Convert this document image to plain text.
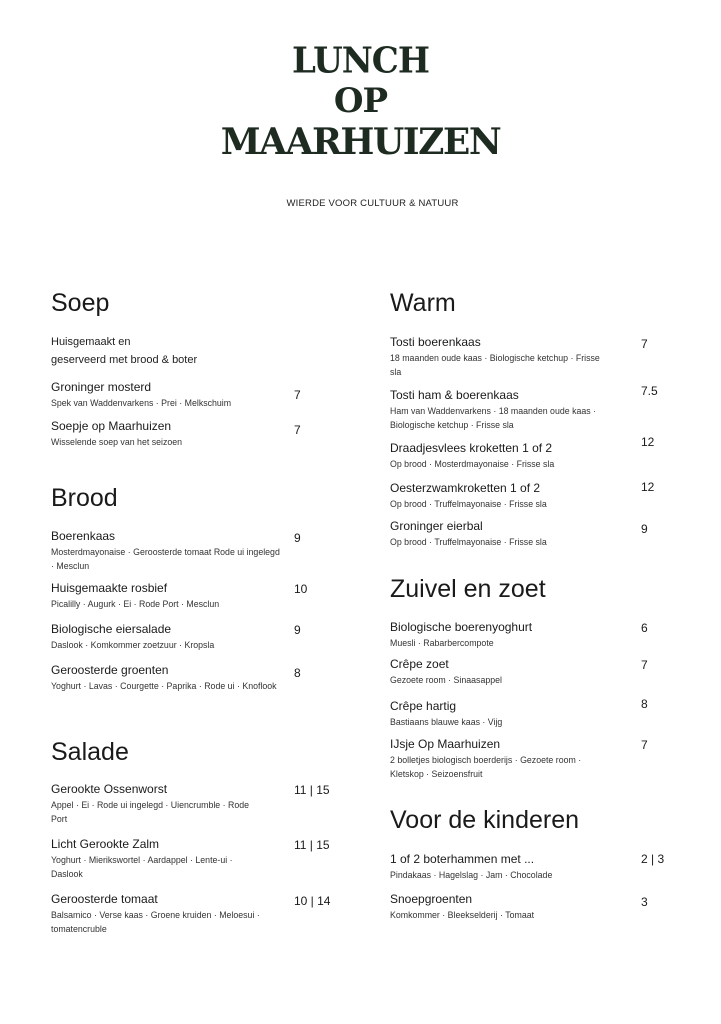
LUNCH
OP
MAARHUIZEN
WIERDE VOOR CULTUUR & NATUUR
Soep
Huisgemaakt en
geserveerd met brood & boter
Groninger mosterd
Spek van Waddenvarkens · Prei · Melkschuim
7
Soepje op Maarhuizen
Wisselende soep van het seizoen
7
Brood
Boerenkaas
Mosterdmayonaise · Geroosterde tomaat Rode ui ingelegd · Mesclun
9
Huisgemaakte rosbief
Picalilly · Augurk · Ei · Rode Port · Mesclun
10
Biologische eiersalade
Daslook · Komkommer zoetzuur · Kropsla
9
Geroosterde groenten
Yoghurt · Lavas · Courgette · Paprika · Rode ui · Knoflook
8
Salade
Gerookte Ossenworst
Appel · Ei · Rode ui ingelegd · Uiencrumble · Rode Port
11 | 15
Licht Gerookte Zalm
Yoghurt · Mierikswortel · Aardappel · Lente-ui · Daslook
11 | 15
Geroosterde tomaat
Balsamico · Verse kaas · Groene kruiden · Meloesui · tomatencruble
10 | 14
Warm
Tosti boerenkaas
18 maanden oude kaas · Biologische ketchup · Frisse sla
7
Tosti ham & boerenkaas
Ham van Waddenvarkens · 18 maanden oude kaas · Biologische ketchup · Frisse sla
7.5
Draadjesvlees kroketten 1 of 2
Op brood · Mosterdmayonaise · Frisse sla
12
Oesterzwamkroketten 1 of 2
Op brood · Truffelmayonaise · Frisse sla
12
Groninger eierbal
Op brood · Truffelmayonaise · Frisse sla
9
Zuivel en zoet
Biologische boerenyoghurt
Muesli · Rabarbercompote
6
Crêpe zoet
Gezoete room · Sinaasappel
7
Crêpe hartig
Bastiaans blauwe kaas · Vijg
8
IJsje Op Maarhuizen
2 bolletjes biologisch boerderijs · Gezoete room · Kletskop · Seizoensfruit
7
Voor de kinderen
1 of 2 boterhammen met ...
Pindakaas · Hagelslag · Jam · Chocolade
2 | 3
Snoepgroenten
Komkommer · Bleekselderij · Tomaat
3
